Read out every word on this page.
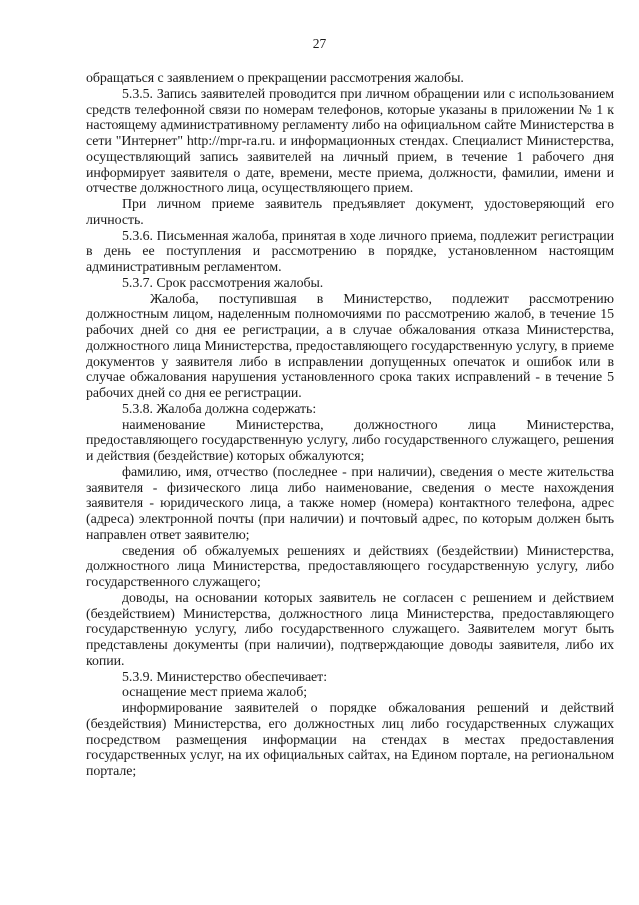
27

обращаться с заявлением о прекращении рассмотрения жалобы.

5.3.5. Запись заявителей проводится при личном обращении или с использованием средств телефонной связи по номерам телефонов, которые указаны в приложении № 1 к настоящему административному регламенту либо на официальном сайте Министерства в сети "Интернет" http://mpr-ra.ru. и информационных стендах. Специалист Министерства, осуществляющий запись заявителей на личный прием, в течение 1 рабочего дня информирует заявителя о дате, времени, месте приема, должности, фамилии, имени и отчестве должностного лица, осуществляющего прием.

При личном приеме заявитель предъявляет документ, удостоверяющий его личность.

5.3.6. Письменная жалоба, принятая в ходе личного приема, подлежит регистрации в день ее поступления и рассмотрению в порядке, установленном настоящим административным регламентом.

5.3.7. Срок рассмотрения жалобы.

Жалоба, поступившая в Министерство, подлежит рассмотрению должностным лицом, наделенным полномочиями по рассмотрению жалоб, в течение 15 рабочих дней со дня ее регистрации, а в случае обжалования отказа Министерства, должностного лица Министерства, предоставляющего государственную услугу, в приеме документов у заявителя либо в исправлении допущенных опечаток и ошибок или в случае обжалования нарушения установленного срока таких исправлений - в течение 5 рабочих дней со дня ее регистрации.

5.3.8. Жалоба должна содержать:

наименование Министерства, должностного лица Министерства, предоставляющего государственную услугу, либо государственного служащего, решения и действия (бездействие) которых обжалуются;

фамилию, имя, отчество (последнее - при наличии), сведения о месте жительства заявителя - физического лица либо наименование, сведения о месте нахождения заявителя - юридического лица, а также номер (номера) контактного телефона, адрес (адреса) электронной почты (при наличии) и почтовый адрес, по которым должен быть направлен ответ заявителю;

сведения об обжалуемых решениях и действиях (бездействии) Министерства, должностного лица Министерства, предоставляющего государственную услугу, либо государственного служащего;

доводы, на основании которых заявитель не согласен с решением и действием (бездействием) Министерства, должностного лица Министерства, предоставляющего государственную услугу, либо государственного служащего. Заявителем могут быть представлены документы (при наличии), подтверждающие доводы заявителя, либо их копии.

5.3.9. Министерство обеспечивает:

оснащение мест приема жалоб;

информирование заявителей о порядке обжалования решений и действий (бездействия) Министерства, его должностных лиц либо государственных служащих посредством размещения информации на стендах в местах предоставления государственных услуг, на их официальных сайтах, на Едином портале, на региональном портале;
